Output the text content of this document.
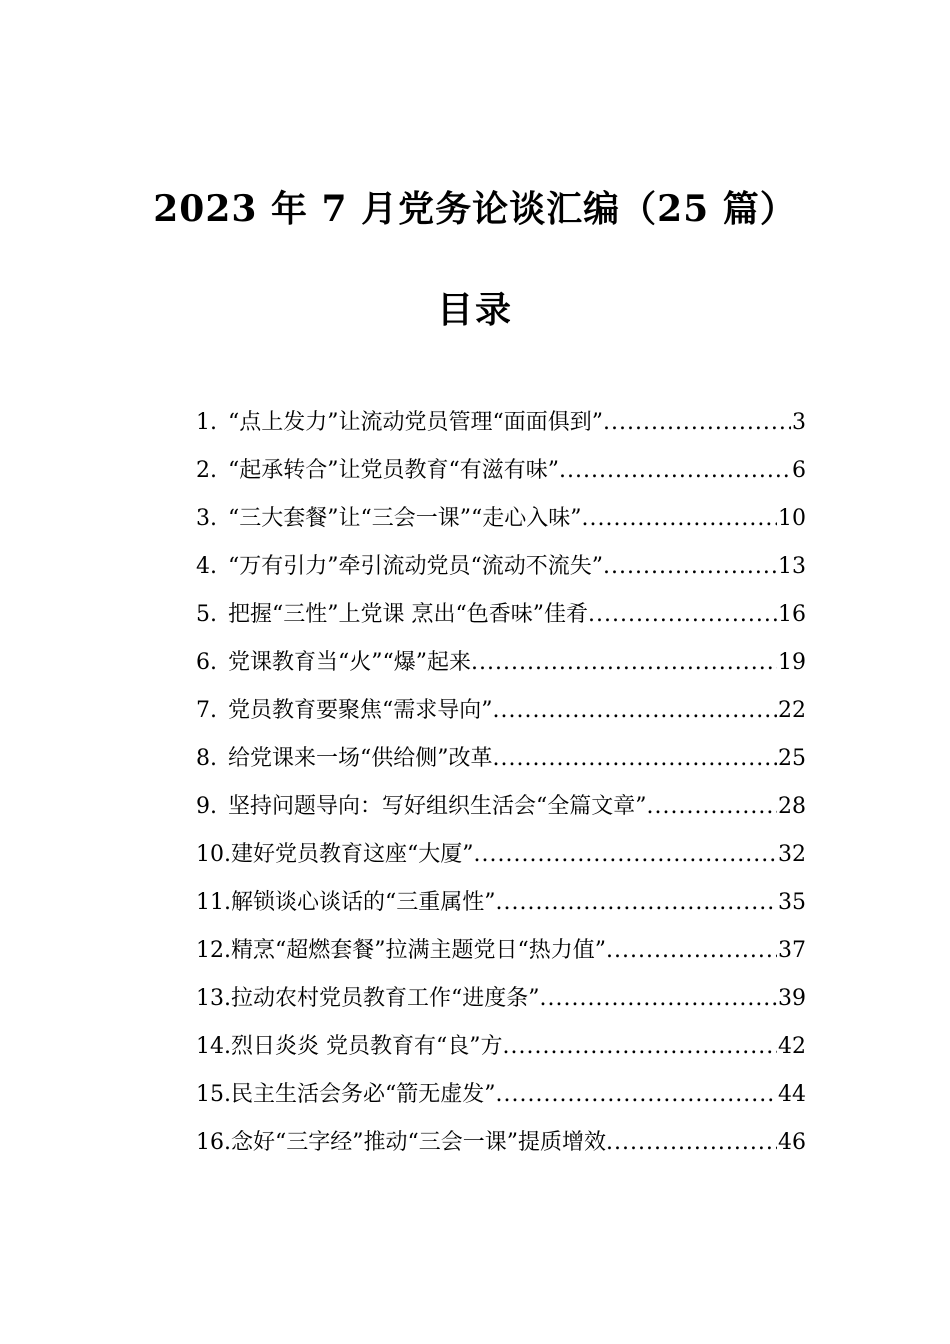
2023 年 7 月党务论谈汇编（25 篇）
目录
1. “点上发力”让流动党员管理“面面俱到” .....	3
2. “起承转合”让党员教育“有滋有味” .....	6
3. “三大套餐”让“三会一课”“走心入味” .....	10
4. “万有引力”牵引流动党员“流动不流失” .....	13
5. 把握“三性”上党课 烹出“色香味”佳肴 .....	16
6. 党课教育当“火”“爆”起来 .....	19
7. 党员教育要聚焦“需求导向” .....	22
8. 给党课来一场“供给侧”改革 .....	25
9. 坚持问题导向：写好组织生活会“全篇文章” .....	28
10. 建好党员教育这座“大厦” .....	32
11. 解锁谈心谈话的“三重属性” .....	35
12. 精烹“超燃套餐”拉满主题党日“热力值” .....	37
13. 拉动农村党员教育工作“进度条” .....	39
14. 烈日炎炎 党员教育有“良”方 .....	42
15. 民主生活会务必“箭无虚发” .....	44
16. 念好“三字经”推动“三会一课”提质增效 .....	46
